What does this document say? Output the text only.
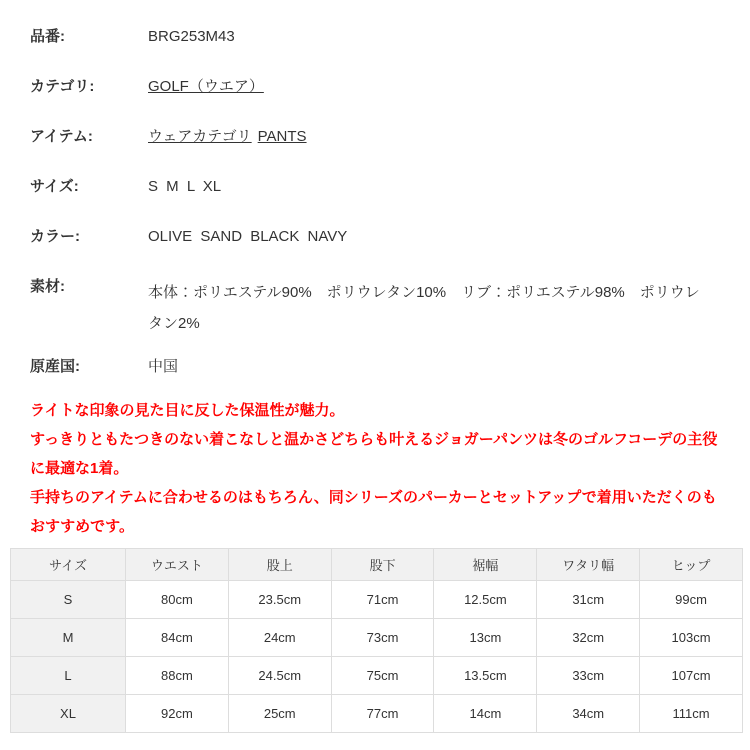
品番:	BRG253M43
カテゴリ:	GOLF（ウエア）
アイテム:	ウェアカテゴリ PANTS
サイズ:	S M L XL
カラー:	OLIVE SAND BLACK NAVY
素材:	本体：ポリエステル90%　ポリウレタン10%　リブ：ポリエステル98%　ポリウレタン2%
原産国:	中国

ライトな印象の見た目に反した保温性が魅力。

すっきりともたつきのない着こなしと温かさどちらも叶えるジョガーパンツは冬のゴルフコーデの主役に最適な1着。

手持ちのアイテムに合わせるのはもちろん、同シリーズのパーカーとセットアップで着用いただくのもおすすめです。

サイズ	ウエスト	股上	股下	裾幅	ワタリ幅	ヒップ
S	80cm	23.5cm	71cm	12.5cm	31cm	99cm
M	84cm	24cm	73cm	13cm	32cm	103cm
L	88cm	24.5cm	75cm	13.5cm	33cm	107cm
XL	92cm	25cm	77cm	14cm	34cm	111cm
